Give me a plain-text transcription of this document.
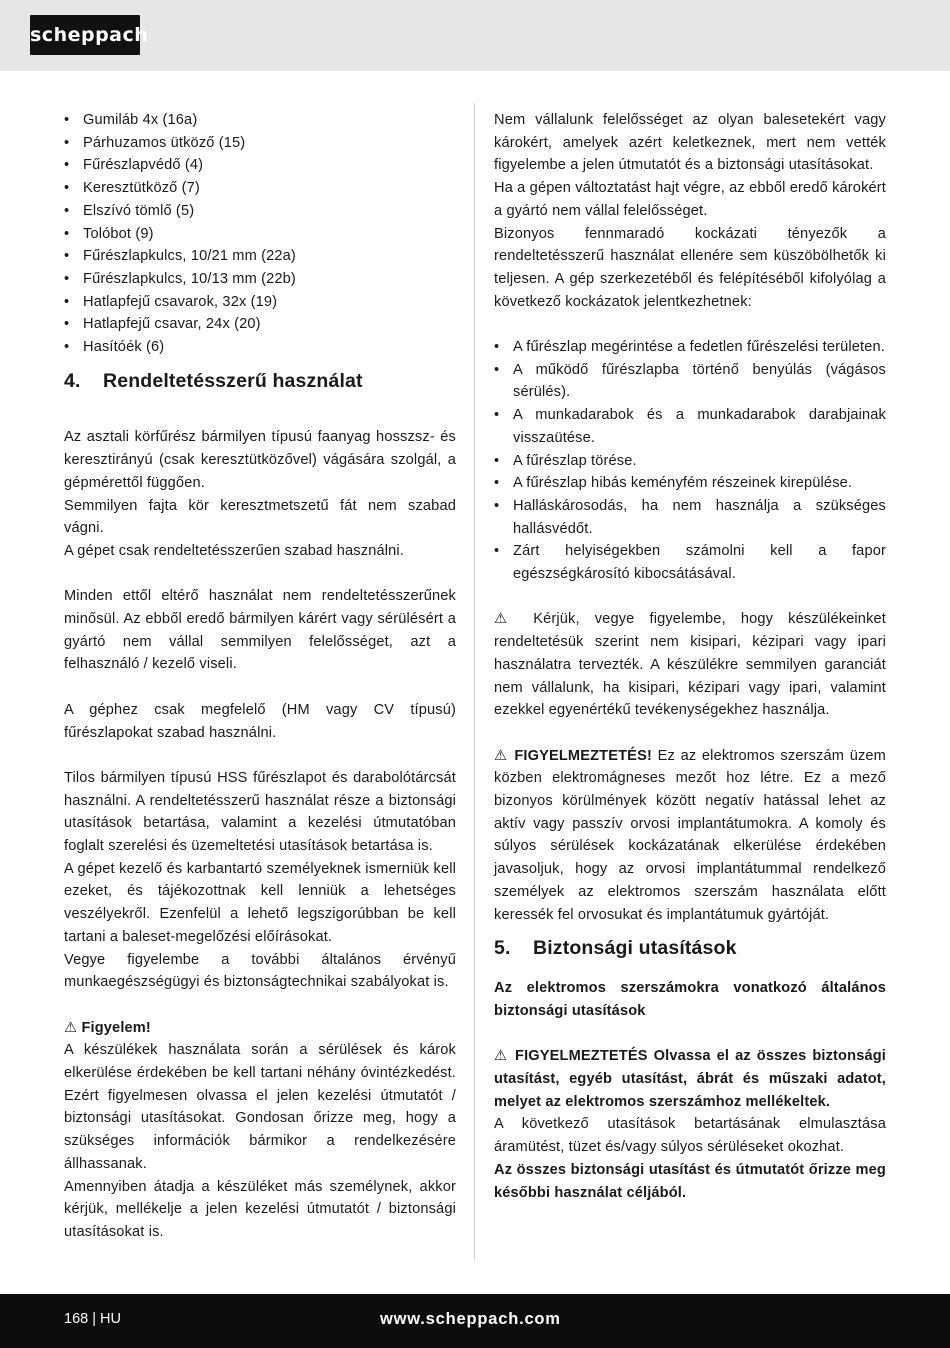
scheppach
• Gumiláb 4x (16a)
• Párhuzamos ütköző (15)
• Fűrészlapvédő (4)
• Keresztütköző (7)
• Elszívó tömlő (5)
• Tolóbot (9)
• Fűrészlapkulcs, 10/21 mm (22a)
• Fűrészlapkulcs, 10/13 mm (22b)
• Hatlapfejű csavarok, 32x (19)
• Hatlapfejű csavar, 24x (20)
• Hasítóék (6)
4. Rendeltetésszerű használat

Az asztali körfűrész bármilyen típusú faanyag hosszsz- és keresztirányú (csak keresztütközővel) vágására szolgál, a gépmérettől függően.

Semmilyen fajta kör keresztmetszetű fát nem szabad vágni.

A gépet csak rendeltetésszerűen szabad használni.

Minden ettől eltérő használat nem rendeltetésszerűnek minősül. Az ebből eredő bármilyen kárért vagy sérülésért a gyártó nem vállal semmilyen felelősséget, azt a felhasználó / kezelő viseli.

A géphez csak megfelelő (HM vagy CV típusú) fűrészlapokat szabad használni.

Tilos bármilyen típusú HSS fűrészlapot és darabolótárcsát használni. A rendeltetésszerű használat része a biztonsági utasítások betartása, valamint a kezelési útmutatóban foglalt szerelési és üzemeltetési utasítások betartása is.

A gépet kezelő és karbantartó személyeknek ismerniük kell ezeket, és tájékozottnak kell lenniük a lehetséges veszélyekről. Ezenfelül a lehető legszigorúbban be kell tartani a baleset-megelőzési előírásokat.

Vegye figyelembe a további általános érvényű munkaegészségügyi és biztonságtechnikai szabályokat is.

⚠ Figyelem!

A készülékek használata során a sérülések és károk elkerülése érdekében be kell tartani néhány óvintézkedést. Ezért figyelmesen olvassa el jelen kezelési útmutatót / biztonsági utasításokat. Gondosan őrizze meg, hogy a szükséges információk bármikor a rendelkezésére állhassanak.

Amennyiben átadja a készüléket más személynek, akkor kérjük, mellékelje a jelen kezelési útmutatót / biztonsági utasításokat is.

Nem vállalunk felelősséget az olyan balesetekért vagy károkért, amelyek azért keletkeznek, mert nem vették figyelembe a jelen útmutatót és a biztonsági utasításokat.

Ha a gépen változtatást hajt végre, az ebből eredő károkért a gyártó nem vállal felelősséget.

Bizonyos fennmaradó kockázati tényezők a rendeltetésszerű használat ellenére sem küszöbölhetők ki teljesen. A gép szerkezetéből és felépítéséből kifolyólag a következő kockázatok jelentkezhetnek:

• A fűrészlap megérintése a fedetlen fűrészelési területen.
• A működő fűrészlapba történő benyúlás (vágásos sérülés).
• A munkadarabok és a munkadarabok darabjainak visszaütése.
• A fűrészlap törése.
• A fűrészlap hibás keményfém részeinek kirepülése.
• Halláskárosodás, ha nem használja a szükséges hallásvédőt.
• Zárt helyiségekben számolni kell a fapor egészségkárosító kibocsátásával.

⚠ Kérjük, vegye figyelembe, hogy készülékeinket rendeltetésük szerint nem kisipari, kézipari vagy ipari használatra tervezték. A készülékre semmilyen garanciát nem vállalunk, ha kisipari, kézipari vagy ipari, valamint ezekkel egyenértékű tevékenységekhez használja.

⚠ FIGYELMEZTETÉS! Ez az elektromos szerszám üzem közben elektromágneses mezőt hoz létre. Ez a mező bizonyos körülmények között negatív hatással lehet az aktív vagy passzív orvosi implantátumokra. A komoly és súlyos sérülések kockázatának elkerülése érdekében javasoljuk, hogy az orvosi implantátummal rendelkező személyek az elektromos szerszám használata előtt keressék fel orvosukat és implantátumuk gyártóját.

5. Biztonsági utasítások

Az elektromos szerszámokra vonatkozó általános biztonsági utasítások

⚠ FIGYELMEZTETÉS Olvassa el az összes biztonsági utasítást, egyéb utasítást, ábrát és műszaki adatot, melyet az elektromos szerszámhoz mellékeltek.

A következő utasítások betartásának elmulasztása áramütést, tüzet és/vagy súlyos sérüléseket okozhat.

Az összes biztonsági utasítást és útmutatót őrizze meg későbbi használat céljából.

168 | HU	www.scheppach.com
